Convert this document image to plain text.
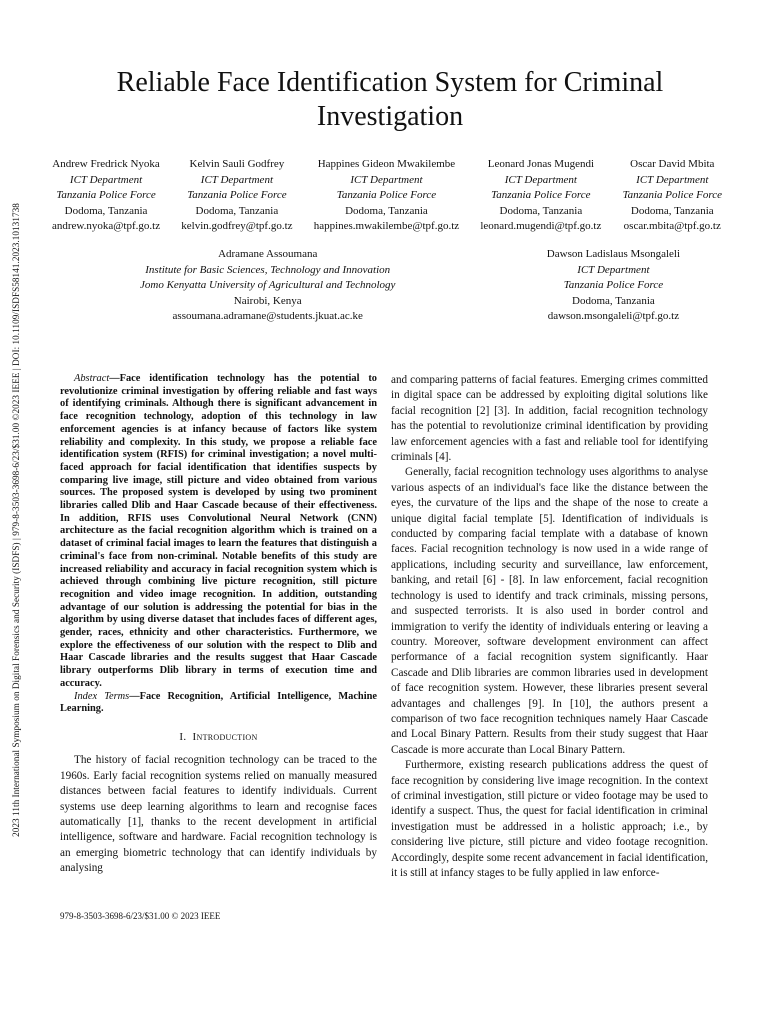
2023 11th International Symposium on Digital Forensics and Security (ISDFS) | 979-8-3503-3698-6/23/$31.00 ©2023 IEEE | DOI: 10.1109/ISDFS58141.2023.10131738
Reliable Face Identification System for Criminal Investigation
Andrew Fredrick Nyoka
ICT Department
Tanzania Police Force
Dodoma, Tanzania
andrew.nyoka@tpf.go.tz
Kelvin Sauli Godfrey
ICT Department
Tanzania Police Force
Dodoma, Tanzania
kelvin.godfrey@tpf.go.tz
Happines Gideon Mwakilembe
ICT Department
Tanzania Police Force
Dodoma, Tanzania
happines.mwakilembe@tpf.go.tz
Leonard Jonas Mugendi
ICT Department
Tanzania Police Force
Dodoma, Tanzania
leonard.mugendi@tpf.go.tz
Oscar David Mbita
ICT Department
Tanzania Police Force
Dodoma, Tanzania
oscar.mbita@tpf.go.tz
Adramane Assoumana
Institute for Basic Sciences, Technology and Innovation
Jomo Kenyatta University of Agricultural and Technology
Nairobi, Kenya
assoumana.adramane@students.jkuat.ac.ke
Dawson Ladislaus Msongaleli
ICT Department
Tanzania Police Force
Dodoma, Tanzania
dawson.msongaleli@tpf.go.tz

Abstract—Face identification technology has the potential to revolutionize criminal investigation by offering reliable and fast ways of identifying criminals. Although there is significant advancement in face recognition technology, adoption of this technology in law enforcement agencies is at infancy because of factors like system reliability and complexity. In this study, we propose a reliable face identification system (RFIS) for criminal investigation; a novel multi-faced approach for facial identification that identifies suspects by comparing live image, still picture and video obtained from various sources. The proposed system is developed by using two prominent libraries called Dlib and Haar Cascade because of their effectiveness. In addition, RFIS uses Convolutional Neural Network (CNN) architecture as the facial recognition algorithm which is trained on a dataset of criminal facial images to learn the features that distinguish a criminal's face from non-criminal. Notable benefits of this study are increased reliability and accuracy in facial recognition system which is achieved through combining live picture recognition, still picture recognition and video image recognition. In addition, outstanding advantage of our solution is addressing the potential for bias in the algorithm by using diverse dataset that includes faces of different ages, gender, races, ethnicity and other characteristics. Furthermore, we explore the effectiveness of our solution with the respect to Dlib and Haar Cascade libraries and the results suggest that Haar Cascade library outperforms Dlib library in terms of execution time and accuracy.

Index Terms—Face Recognition, Artificial Intelligence, Machine Learning.

I. Introduction

The history of facial recognition technology can be traced to the 1960s. Early facial recognition systems relied on manually measured distances between facial features to identify individuals. Current systems use deep learning algorithms to learn and recognise faces automatically [1], thanks to the recent development in artificial intelligence, software and hardware. Facial recognition technology is an emerging biometric technology that can identify individuals by analysing

and comparing patterns of facial features. Emerging crimes committed in digital space can be addressed by exploiting digital solutions like facial recognition [2] [3]. In addition, facial recognition technology has the potential to revolutionize criminal identification by providing law enforcement agencies with a fast and reliable tool for identifying criminals [4].

Generally, facial recognition technology uses algorithms to analyse various aspects of an individual's face like the distance between the eyes, the curvature of the lips and the shape of the nose to create a unique digital facial template [5]. Identification of individuals is conducted by comparing facial template with a database of known faces. Facial recognition technology is now used in a wide range of applications, including security and surveillance, law enforcement, banking, and retail [6] - [8]. In law enforcement, facial recognition technology is used to identify and track criminals, missing persons, and suspected terrorists. It is also used in border control and immigration to verify the identity of individuals entering or leaving a country. Moreover, software development environment can affect performance of a facial recognition system significantly. Haar Cascade and Dlib libraries are common libraries used in development of face recognition system. However, these libraries present several advantages and challenges [9]. In [10], the authors present a comparison of two face recognition techniques namely Haar Cascade and Local Binary Pattern. Results from their study suggest that Haar Cascade is more accurate than Local Binary Pattern.

Furthermore, existing research publications address the quest of face recognition by considering live image recognition. In the context of criminal investigation, still picture or video footage may be used to identify a suspect. Thus, the quest for facial identification in criminal investigation must be addressed in a holistic approach; i.e., by considering live picture, still picture and video footage recognition. Accordingly, despite some recent advancement in facial identification, it is still at infancy stages to be fully applied in law enforce-

979-8-3503-3698-6/23/$31.00 © 2023 IEEE
